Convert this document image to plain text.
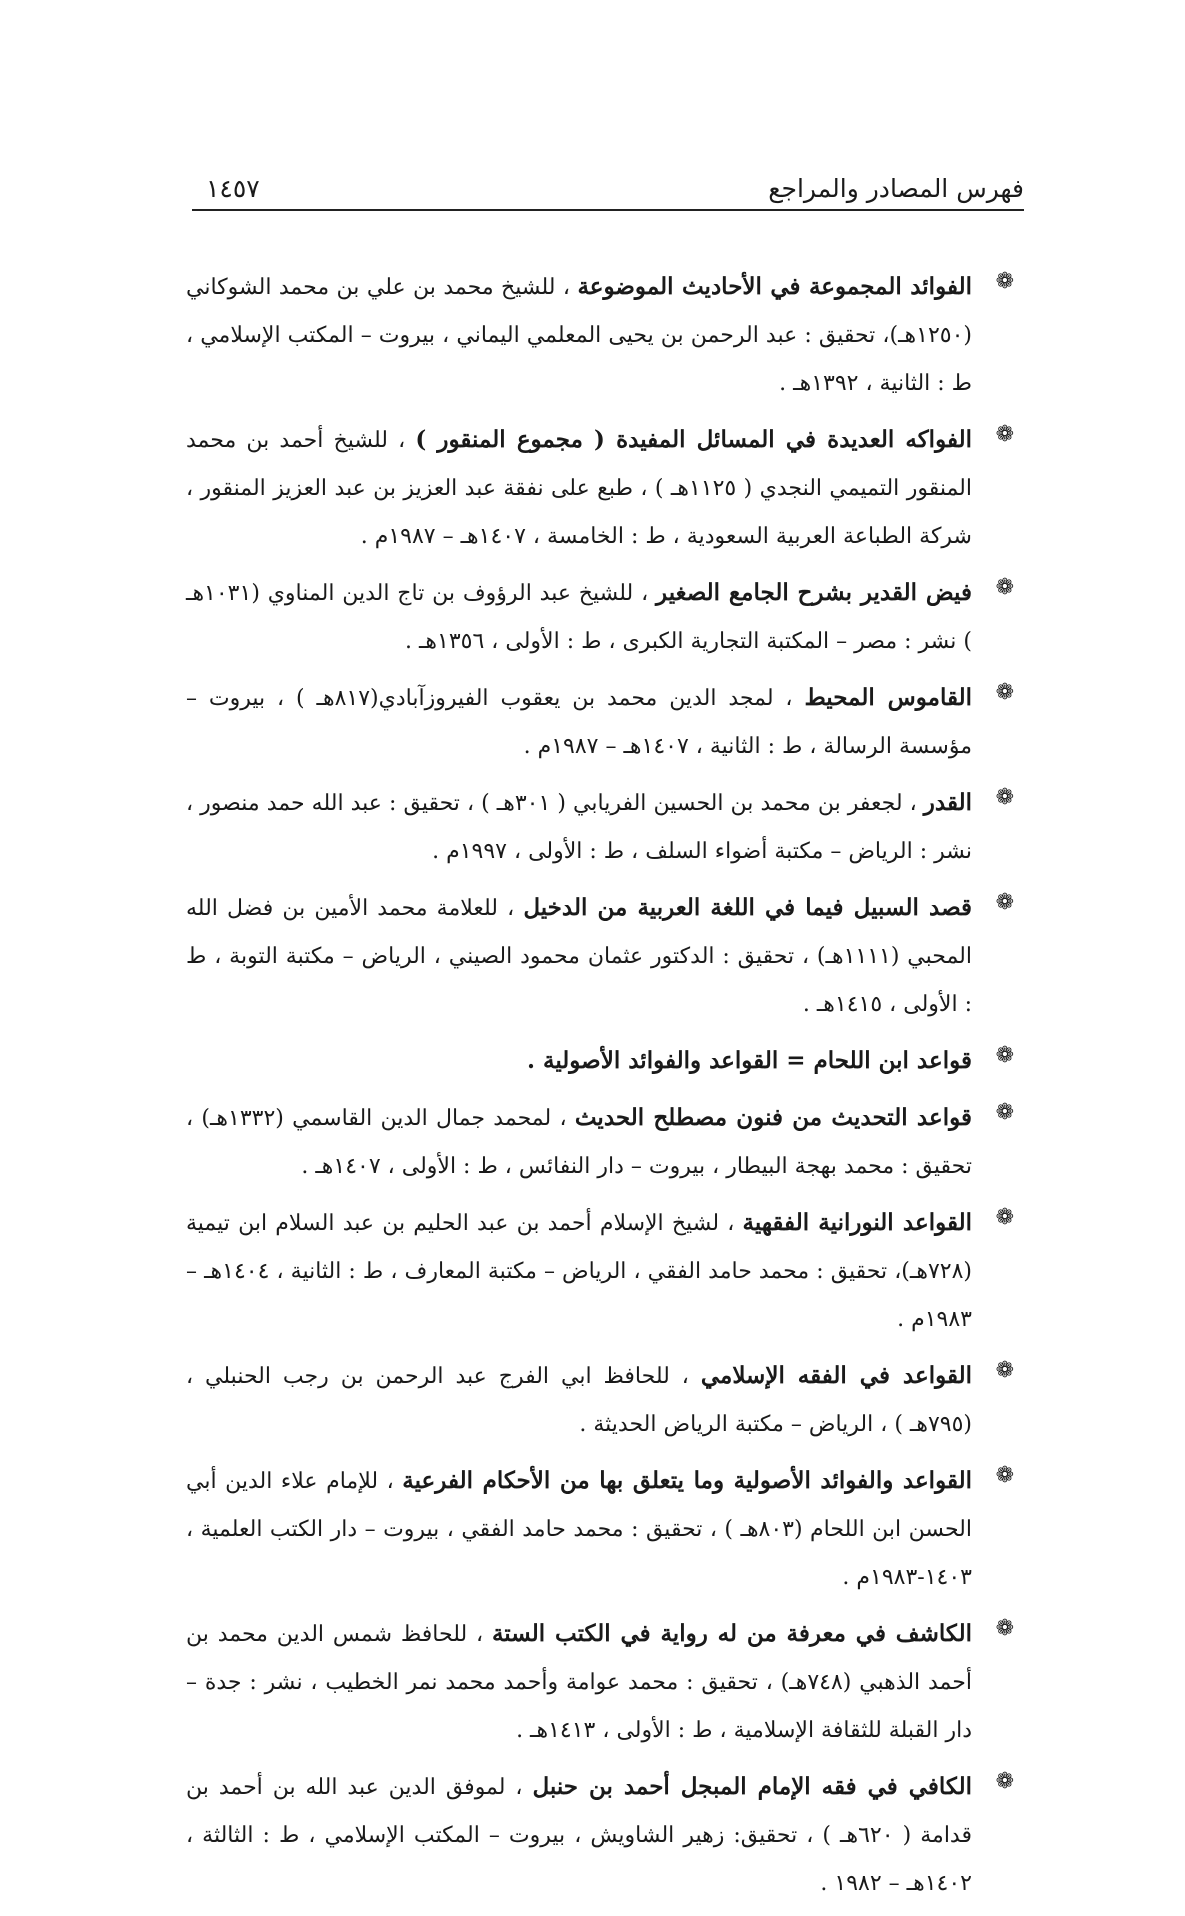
فهرس المصادر والمراجع
١٤٥٧
❁
الفوائد المجموعة في الأحاديث الموضوعة ، للشيخ محمد بن علي بن محمد الشوكاني (١٢٥٠هـ)، تحقيق : عبد الرحمن بن يحيى المعلمي اليماني ، بيروت – المكتب الإسلامي ، ط : الثانية ، ١٣٩٢هـ .
❁
الفواكه العديدة في المسائل المفيدة ( مجموع المنقور ) ، للشيخ أحمد بن محمد المنقور التميمي النجدي ( ١١٢٥هـ ) ، طبع على نفقة عبد العزيز بن عبد العزيز المنقور ، شركة الطباعة العربية السعودية ، ط : الخامسة ، ١٤٠٧هـ – ١٩٨٧م .
❁
فيض القدير بشرح الجامع الصغير ، للشيخ عبد الرؤوف بن تاج الدين المناوي (١٠٣١هـ ) نشر : مصر – المكتبة التجارية الكبرى ، ط : الأولى ، ١٣٥٦هـ .
❁
القاموس المحيط ، لمجد الدين محمد بن يعقوب الفيروزآبادي(٨١٧هـ ) ، بيروت – مؤسسة الرسالة ، ط : الثانية ، ١٤٠٧هـ – ١٩٨٧م .
❁
القدر ، لجعفر بن محمد بن الحسين الفريابي ( ٣٠١هـ ) ، تحقيق : عبد الله حمد منصور ، نشر : الرياض – مكتبة أضواء السلف ، ط : الأولى ، ١٩٩٧م .
❁
قصد السبيل فيما في اللغة العربية من الدخيل ، للعلامة محمد الأمين بن فضل الله المحبي (١١١١هـ) ، تحقيق : الدكتور عثمان محمود الصيني ، الرياض – مكتبة التوبة ، ط : الأولى ، ١٤١٥هـ .
❁
قواعد ابن اللحام = القواعد والفوائد الأصولية .
❁
قواعد التحديث من فنون مصطلح الحديث ، لمحمد جمال الدين القاسمي (١٣٣٢هـ) ، تحقيق : محمد بهجة البيطار ، بيروت – دار النفائس ، ط : الأولى ، ١٤٠٧هـ .
❁
القواعد النورانية الفقهية ، لشيخ الإسلام أحمد بن عبد الحليم بن عبد السلام ابن تيمية (٧٢٨هـ)، تحقيق : محمد حامد الفقي ، الرياض – مكتبة المعارف ، ط : الثانية ، ١٤٠٤هـ – ١٩٨٣م .
❁
القواعد في الفقه الإسلامي ، للحافظ ابي الفرج عبد الرحمن بن رجب الحنبلي ، (٧٩٥هـ ) ، الرياض – مكتبة الرياض الحديثة .
❁
القواعد والفوائد الأصولية وما يتعلق بها من الأحكام الفرعية ، للإمام علاء الدين أبي الحسن ابن اللحام (٨٠٣هـ ) ، تحقيق : محمد حامد الفقي ، بيروت – دار الكتب العلمية ، ١٤٠٣-١٩٨٣م .
❁
الكاشف في معرفة من له رواية في الكتب الستة ، للحافظ شمس الدين محمد بن أحمد الذهبي (٧٤٨هـ) ، تحقيق : محمد عوامة وأحمد محمد نمر الخطيب ، نشر : جدة – دار القبلة للثقافة الإسلامية ، ط : الأولى ، ١٤١٣هـ .
❁
الكافي في فقه الإمام المبجل أحمد بن حنبل ، لموفق الدين عبد الله بن أحمد بن قدامة ( ٦٢٠هـ ) ، تحقيق: زهير الشاويش ، بيروت – المكتب الإسلامي ، ط : الثالثة ، ١٤٠٢هـ – ١٩٨٢ .
